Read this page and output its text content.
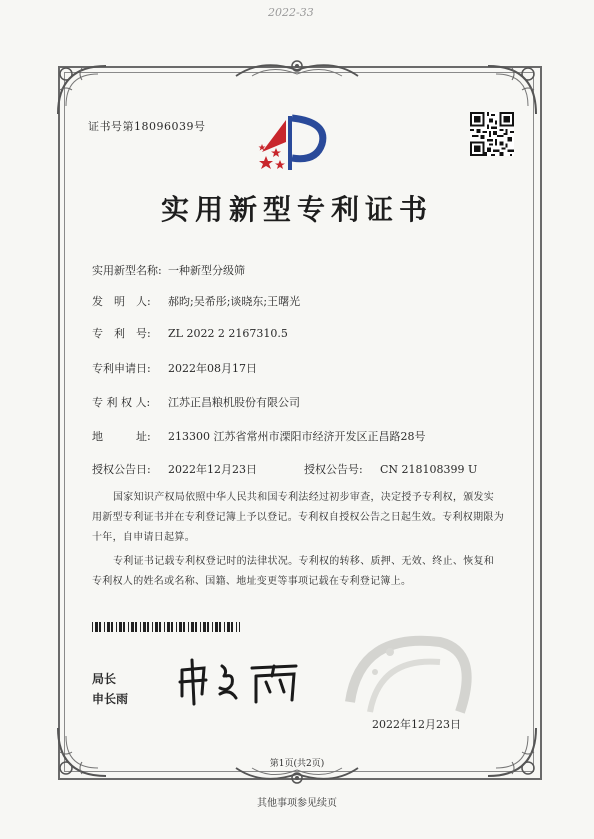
2022-33
证书号第18096039号
实用新型专利证书
实用新型名称: 一种新型分级筛
发　明　人: 郝昀;吴希彤;谈晓东;王曙光
专　利　号: ZL 2022 2 2167310.5
专利申请日: 2022年08月17日
专 利 权 人: 江苏正昌粮机股份有限公司
地　　　址: 213300 江苏省常州市溧阳市经济开发区正昌路28号
授权公告日: 2022年12月23日	授权公告号: CN 218108399 U
国家知识产权局依照中华人民共和国专利法经过初步审查，决定授予专利权，颁发实用新型专利证书并在专利登记簿上予以登记。专利权自授权公告之日起生效。专利权期限为十年，自申请日起算。
专利证书记载专利权登记时的法律状况。专利权的转移、质押、无效、终止、恢复和专利权人的姓名或名称、国籍、地址变更等事项记载在专利登记簿上。
局长
申长雨
2022年12月23日
第1页(共2页)
其他事项参见续页
